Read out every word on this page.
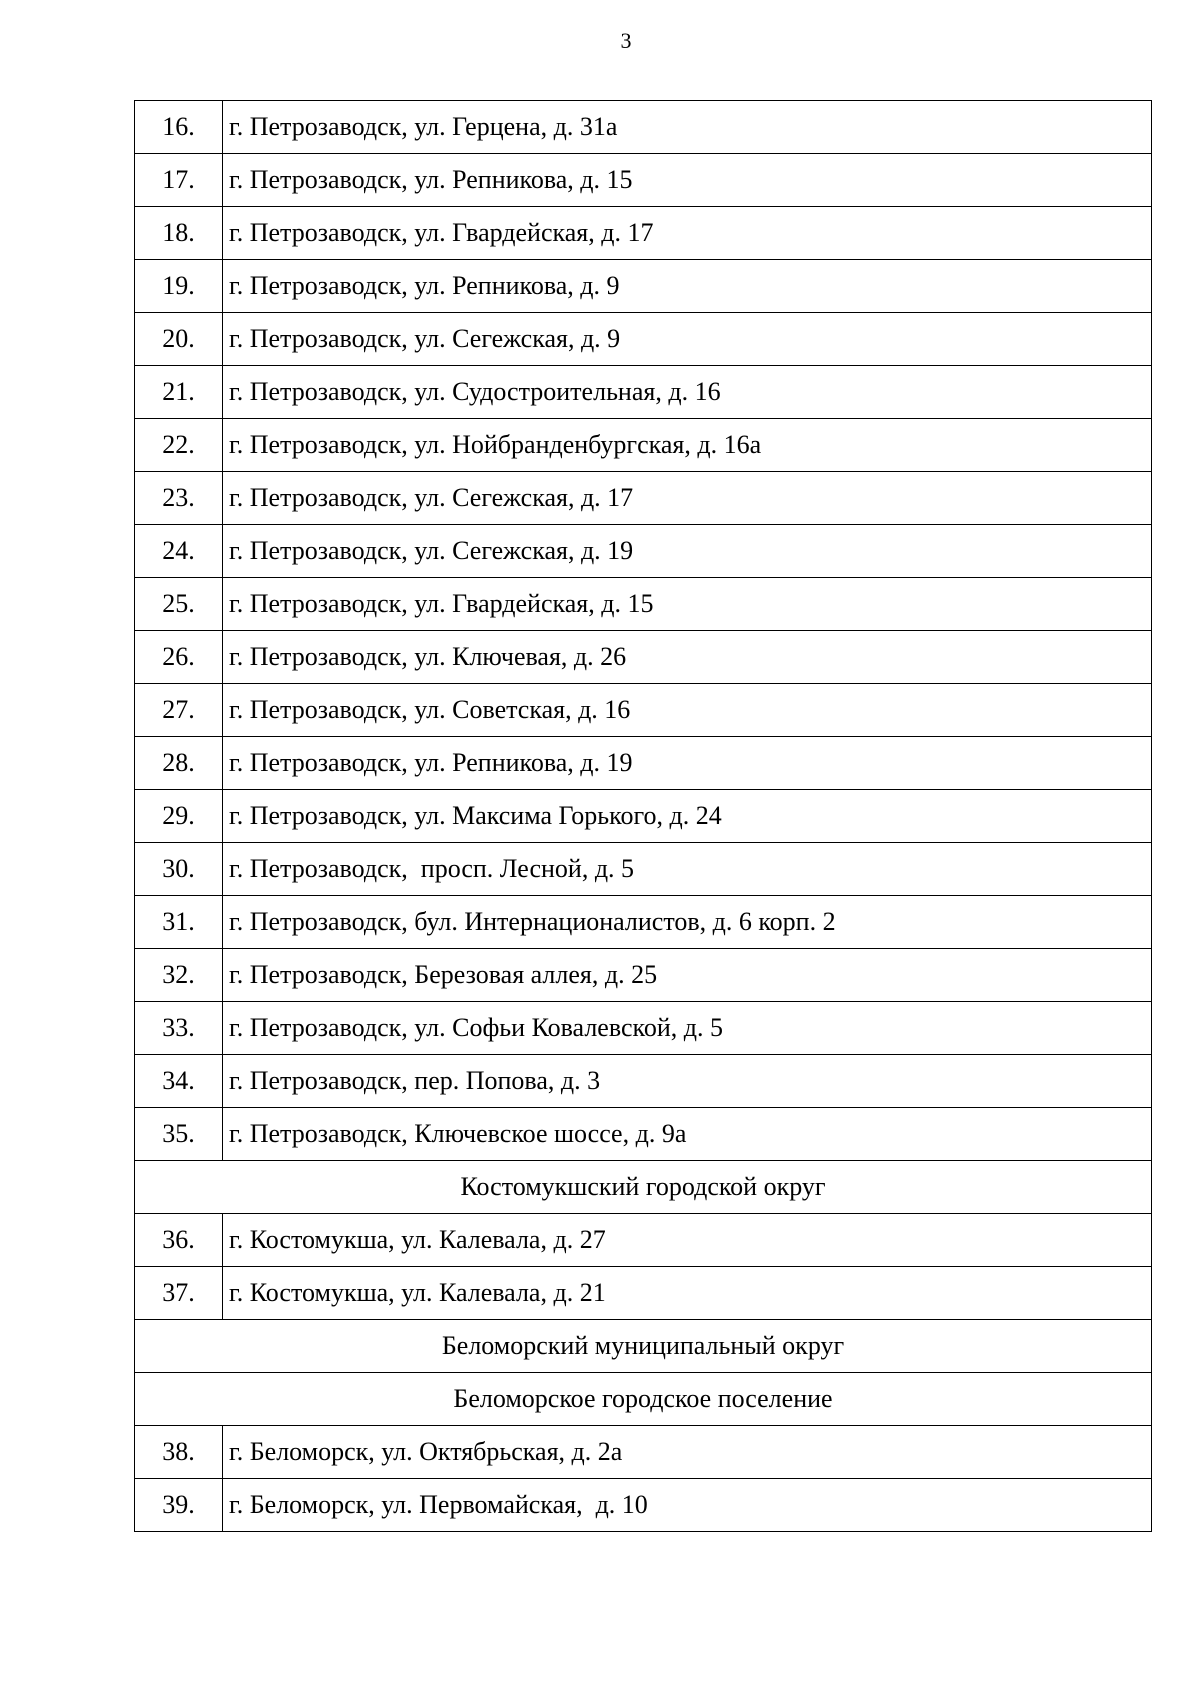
3
16.	г. Петрозаводск, ул. Герцена, д. 31а
17.	г. Петрозаводск, ул. Репникова, д. 15
18.	г. Петрозаводск, ул. Гвардейская, д. 17
19.	г. Петрозаводск, ул. Репникова, д. 9
20.	г. Петрозаводск, ул. Сегежская, д. 9
21.	г. Петрозаводск, ул. Судостроительная, д. 16
22.	г. Петрозаводск, ул. Нойбранденбургская, д. 16а
23.	г. Петрозаводск, ул. Сегежская, д. 17
24.	г. Петрозаводск, ул. Сегежская, д. 19
25.	г. Петрозаводск, ул. Гвардейская, д. 15
26.	г. Петрозаводск, ул. Ключевая, д. 26
27.	г. Петрозаводск, ул. Советская, д. 16
28.	г. Петрозаводск, ул. Репникова, д. 19
29.	г. Петрозаводск, ул. Максима Горького, д. 24
30.	г. Петрозаводск,  просп. Лесной, д. 5
31.	г. Петрозаводск, бул. Интернационалистов, д. 6 корп. 2
32.	г. Петрозаводск, Березовая аллея, д. 25
33.	г. Петрозаводск, ул. Софьи Ковалевской, д. 5
34.	г. Петрозаводск, пер. Попова, д. 3
35.	г. Петрозаводск, Ключевское шоссе, д. 9а
Костомукшский городской округ	
36.	г. Костомукша, ул. Калевала, д. 27
37.	г. Костомукша, ул. Калевала, д. 21
Беломорский муниципальный округ	
Беломорское городское поселение	
38.	г. Беломорск, ул. Октябрьская, д. 2а
39.	г. Беломорск, ул. Первомайская,  д. 10
